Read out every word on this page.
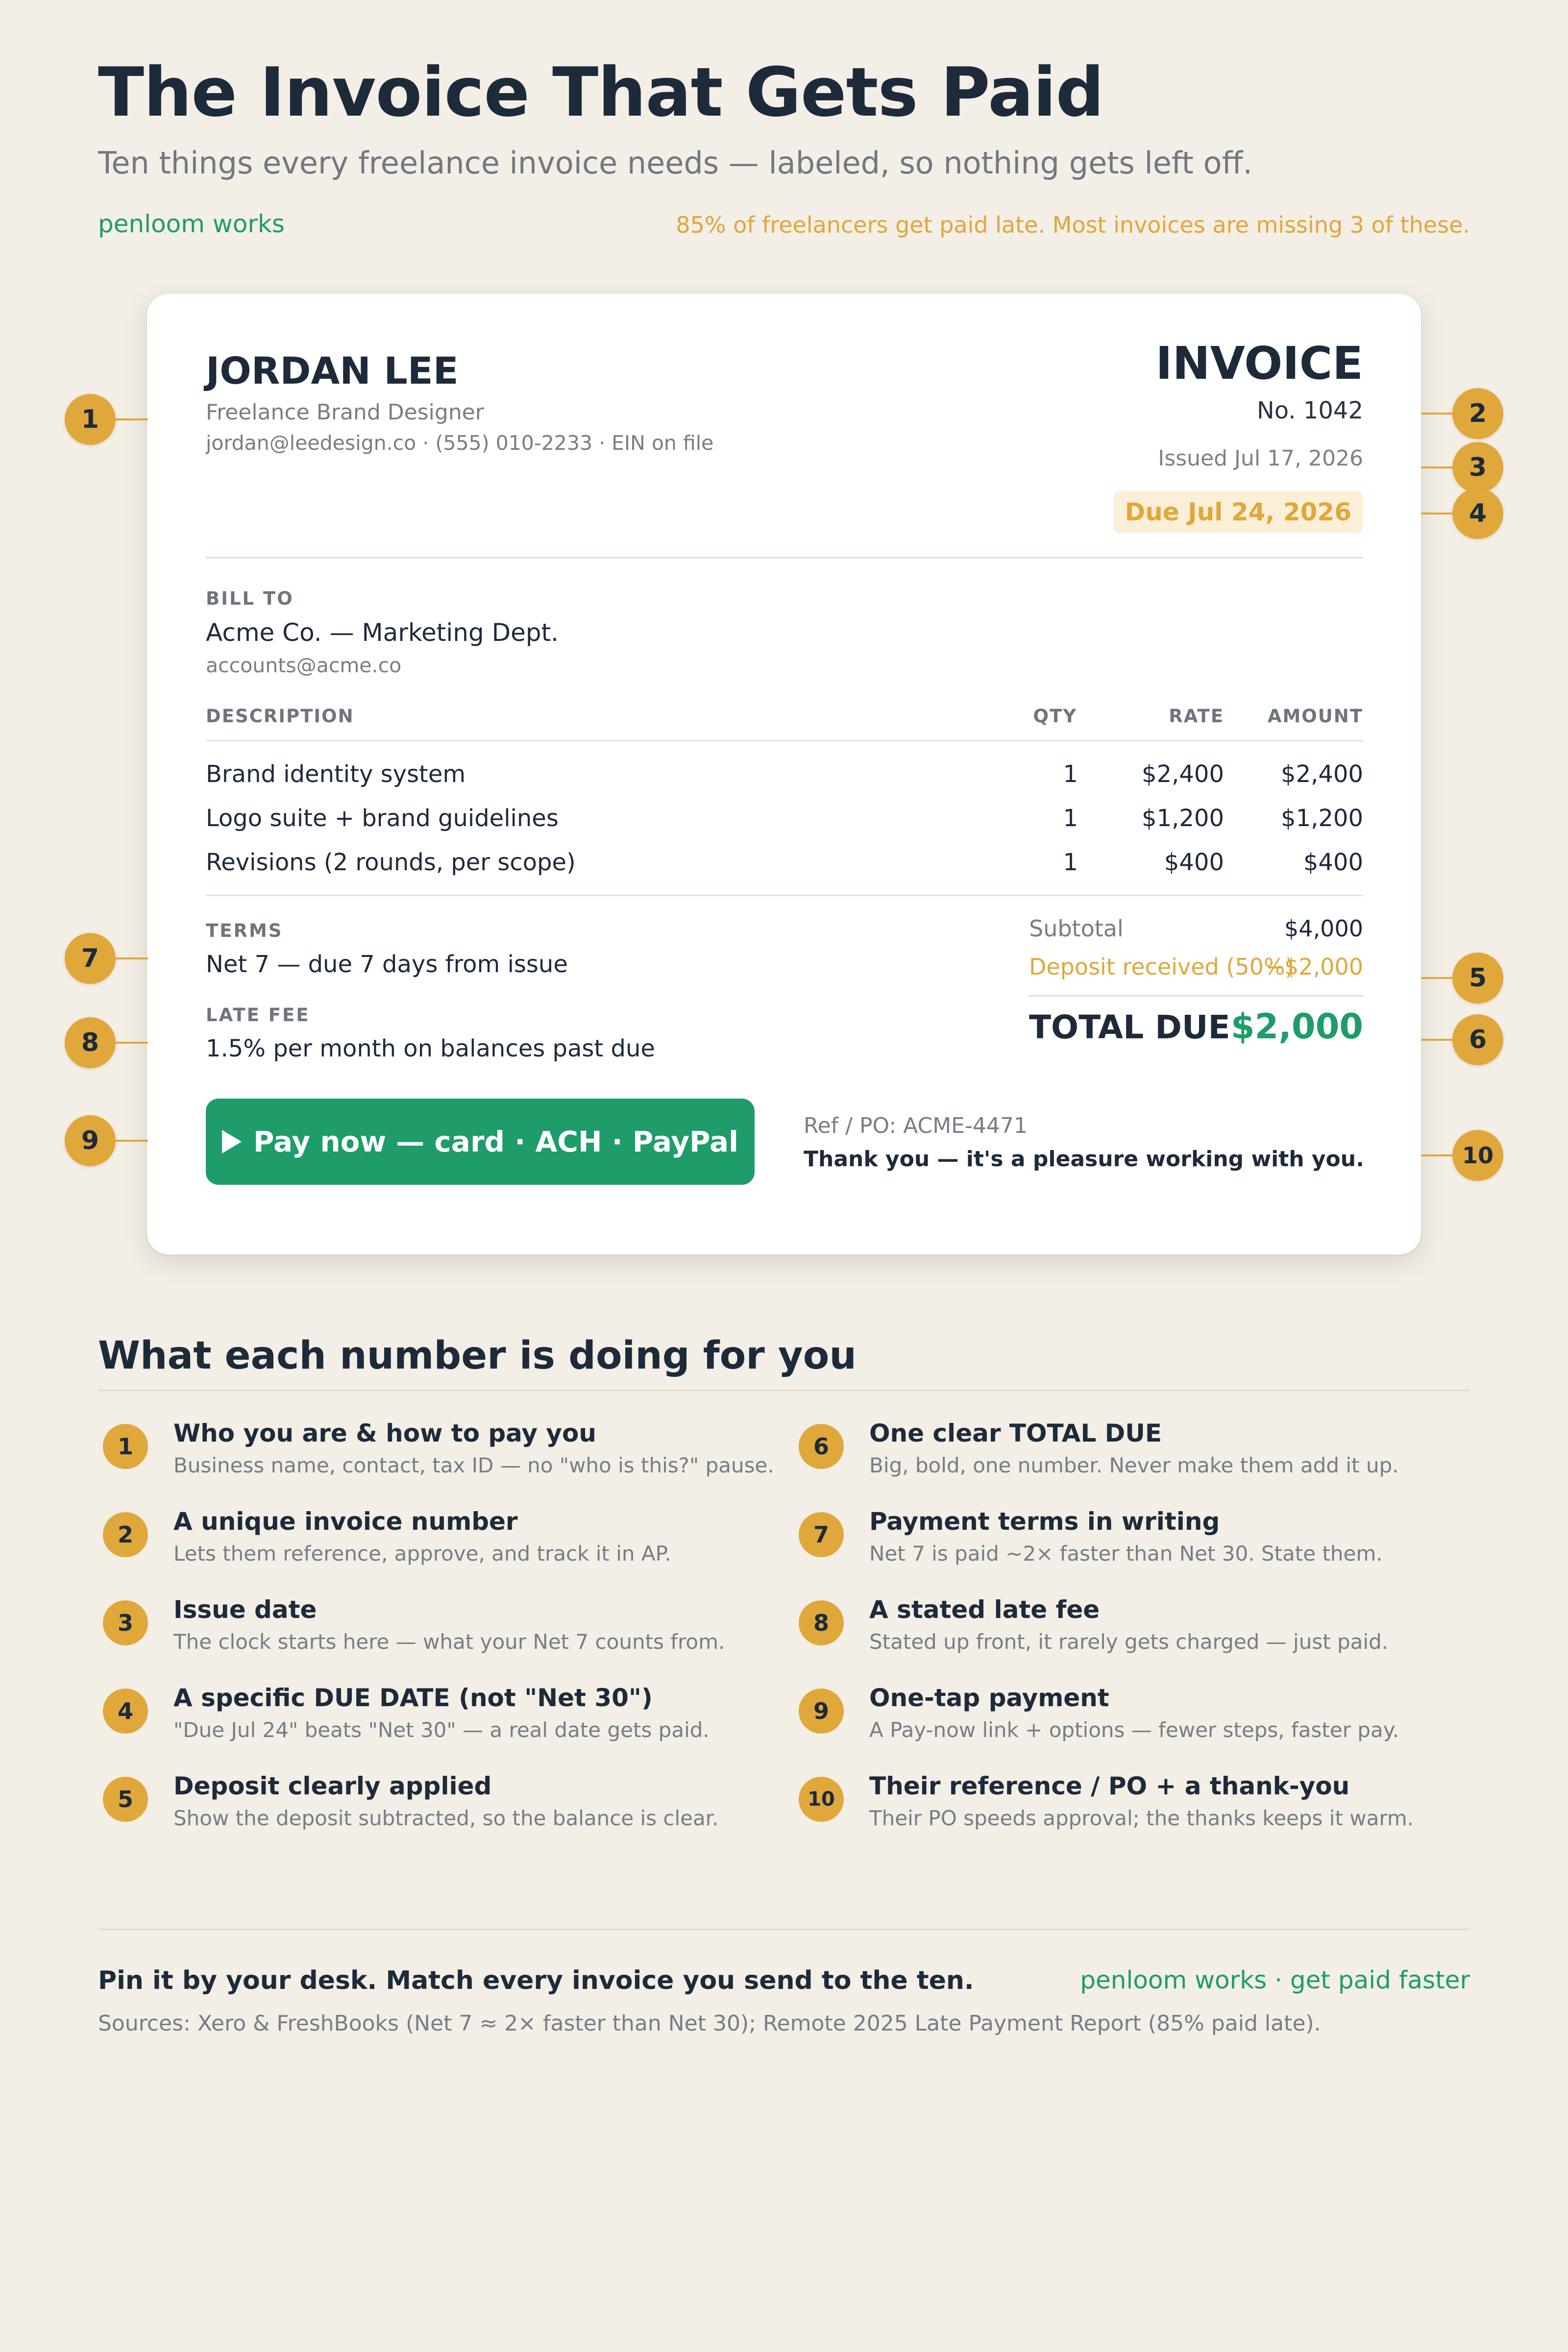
The Invoice That Gets Paid
Ten things every freelance invoice needs — labeled, so nothing gets left off.
penloom works	85% of freelancers get paid late. Most invoices are missing 3 of these.
JORDAN LEE
Freelance Brand Designer
jordan@leedesign.co · (555) 010-2233 · EIN on file
INVOICE
No. 1042
Issued Jul 17, 2026
Due Jul 24, 2026
BILL TO
Acme Co. — Marketing Dept.
accounts@acme.co
DESCRIPTION	QTY	RATE AMOUNT
Brand identity system	1	$2,400 $2,400
Logo suite + brand guidelines	1	$1,200 $1,200
Revisions (2 rounds, per scope)	1	$400	$400
TERMS
Net 7 — due 7 days from issue
LATE FEE
1.5% per month on balances past due
Subtotal	$4,000
Deposit received (50%)
−$2,000
TOTAL DUE $2,000
Pay now — card · ACH · PayPal	Ref / PO: ACME-4471
Thank you — it's a pleasure working with you.
1
7
8
9
2
3
4
5
6
10
What each number is doing for you
1	Who you are & how to pay you
Business name, contact, tax ID — no "who is this?" pause.
2	A unique invoice number
Lets them reference, approve, and track it in AP.
3	Issue date
The clock starts here — what your Net 7 counts from.
4	A specific DUE DATE (not "Net 30")
"Due Jul 24" beats "Net 30" — a real date gets paid.
5	Deposit clearly applied
Show the deposit subtracted, so the balance is clear.
6	One clear TOTAL DUE
Big, bold, one number. Never make them add it up.
7	Payment terms in writing
Net 7 is paid ~2× faster than Net 30. State them.
8	A stated late fee
Stated up front, it rarely gets charged — just paid.
9	One-tap payment
A Pay-now link + options — fewer steps, faster pay.
10	Their reference / PO + a thank-you
Their PO speeds approval; the thanks keeps it warm.
Pin it by your desk. Match every invoice you send to the ten.	penloom works · get paid faster
Sources: Xero & FreshBooks (Net 7 ≈ 2× faster than Net 30); Remote 2025 Late Payment Report (85% paid late).
